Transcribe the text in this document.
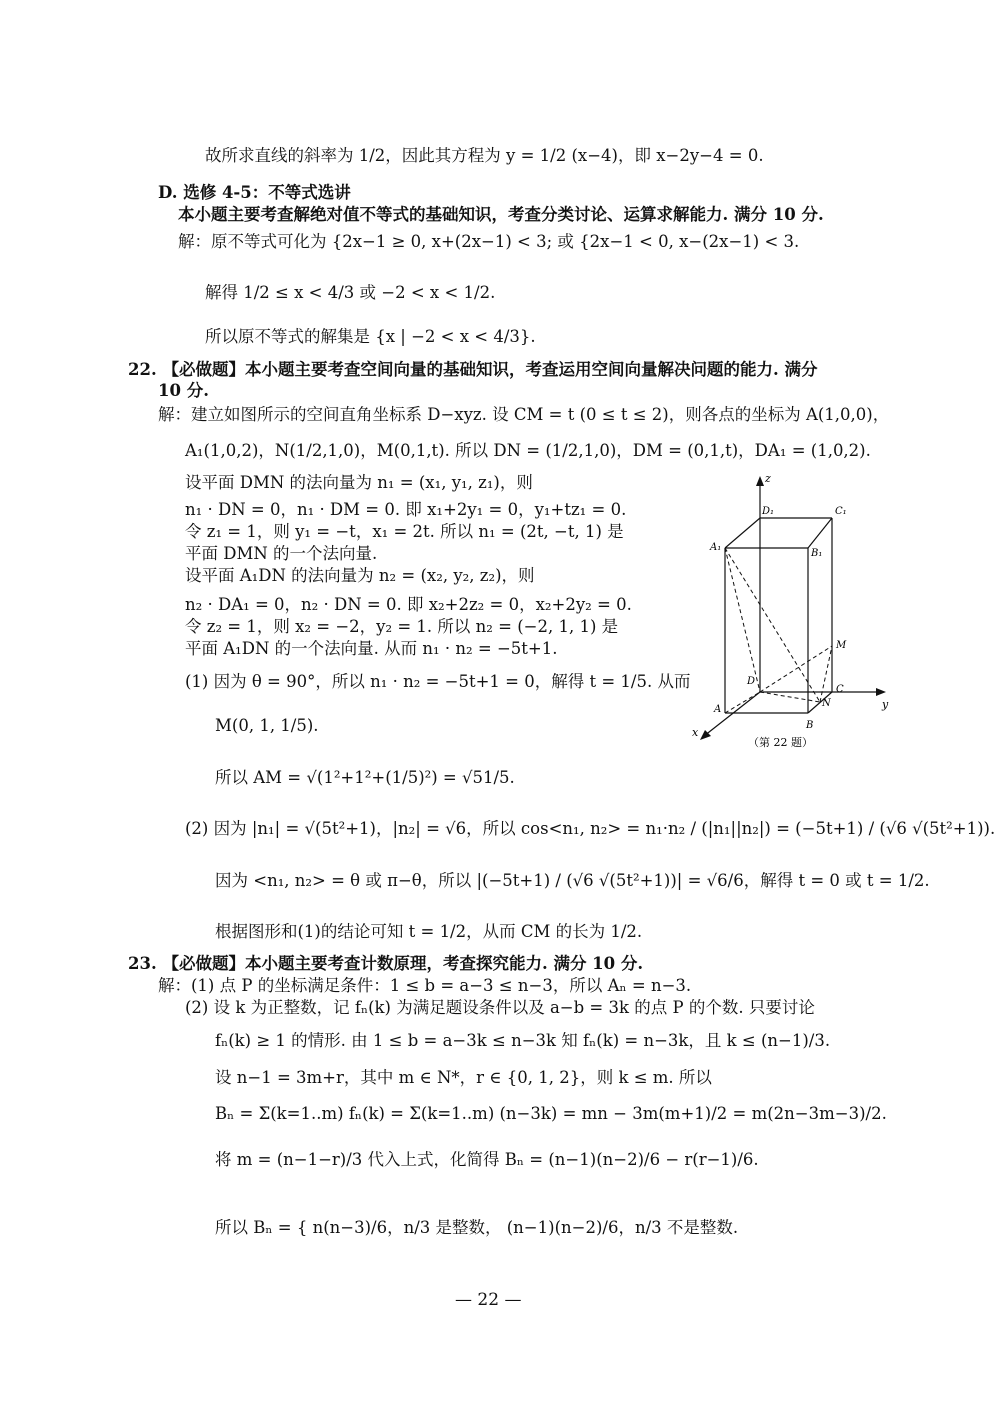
故所求直线的斜率为 1/2，因此其方程为 y = 1/2 (x−4)，即 x−2y−4 = 0.
D. 选修 4-5：不等式选讲
本小题主要考查解绝对值不等式的基础知识，考查分类讨论、运算求解能力. 满分 10 分.
解：原不等式可化为 {2x−1 ≥ 0, x+(2x−1) < 3; 或 {2x−1 < 0, x−(2x−1) < 3.
解得 1/2 ≤ x < 4/3 或 −2 < x < 1/2.
所以原不等式的解集是 {x | −2 < x < 4/3}.
22. 【必做题】本小题主要考查空间向量的基础知识，考查运用空间向量解决问题的能力. 满分
10 分.
解：建立如图所示的空间直角坐标系 D−xyz. 设 CM = t (0 ≤ t ≤ 2)，则各点的坐标为 A(1,0,0)，
A₁(1,0,2)，N(1/2,1,0)，M(0,1,t). 所以 DN = (1/2,1,0)，DM = (0,1,t)，DA₁ = (1,0,2).
设平面 DMN 的法向量为 n₁ = (x₁, y₁, z₁)，则
n₁ · DN = 0，n₁ · DM = 0. 即 x₁+2y₁ = 0，y₁+tz₁ = 0.
令 z₁ = 1，则 y₁ = −t，x₁ = 2t. 所以 n₁ = (2t, −t, 1) 是
平面 DMN 的一个法向量.
设平面 A₁DN 的法向量为 n₂ = (x₂, y₂, z₂)，则
n₂ · DA₁ = 0，n₂ · DN = 0. 即 x₂+2z₂ = 0，x₂+2y₂ = 0.
令 z₂ = 1，则 x₂ = −2，y₂ = 1. 所以 n₂ = (−2, 1, 1) 是
平面 A₁DN 的一个法向量. 从而 n₁ · n₂ = −5t+1.
(1) 因为 θ = 90°，所以 n₁ · n₂ = −5t+1 = 0，解得 t = 1/5. 从而
M(0, 1, 1/5).
所以 AM = √(1²+1²+(1/5)²) = √51/5.
(2) 因为 |n₁| = √(5t²+1)，|n₂| = √6，所以 cos<n₁, n₂> = n₁·n₂ / (|n₁||n₂|) = (−5t+1) / (√6 √(5t²+1)).
因为 <n₁, n₂> = θ 或 π−θ，所以 |(−5t+1) / (√6 √(5t²+1))| = √6/6，解得 t = 0 或 t = 1/2.
根据图形和(1)的结论可知 t = 1/2，从而 CM 的长为 1/2.
23. 【必做题】本小题主要考查计数原理，考查探究能力. 满分 10 分.
解：(1) 点 P 的坐标满足条件：1 ≤ b = a−3 ≤ n−3，所以 Aₙ = n−3.
(2) 设 k 为正整数，记 fₙ(k) 为满足题设条件以及 a−b = 3k 的点 P 的个数. 只要讨论
fₙ(k) ≥ 1 的情形. 由 1 ≤ b = a−3k ≤ n−3k 知 fₙ(k) = n−3k，且 k ≤ (n−1)/3.
设 n−1 = 3m+r，其中 m ∈ N*，r ∈ {0, 1, 2}，则 k ≤ m. 所以
Bₙ = Σ(k=1..m) fₙ(k) = Σ(k=1..m) (n−3k) = mn − 3m(m+1)/2 = m(2n−3m−3)/2.
将 m = (n−1−r)/3 代入上式，化简得 Bₙ = (n−1)(n−2)/6 − r(r−1)/6.
所以 Bₙ = { n(n−3)/6，n/3 是整数， (n−1)(n−2)/6，n/3 不是整数.
z
y
x
D₁	C₁
A₁
B₁
M
D
C
N
A
B
（第 22 题）
— 22 —
